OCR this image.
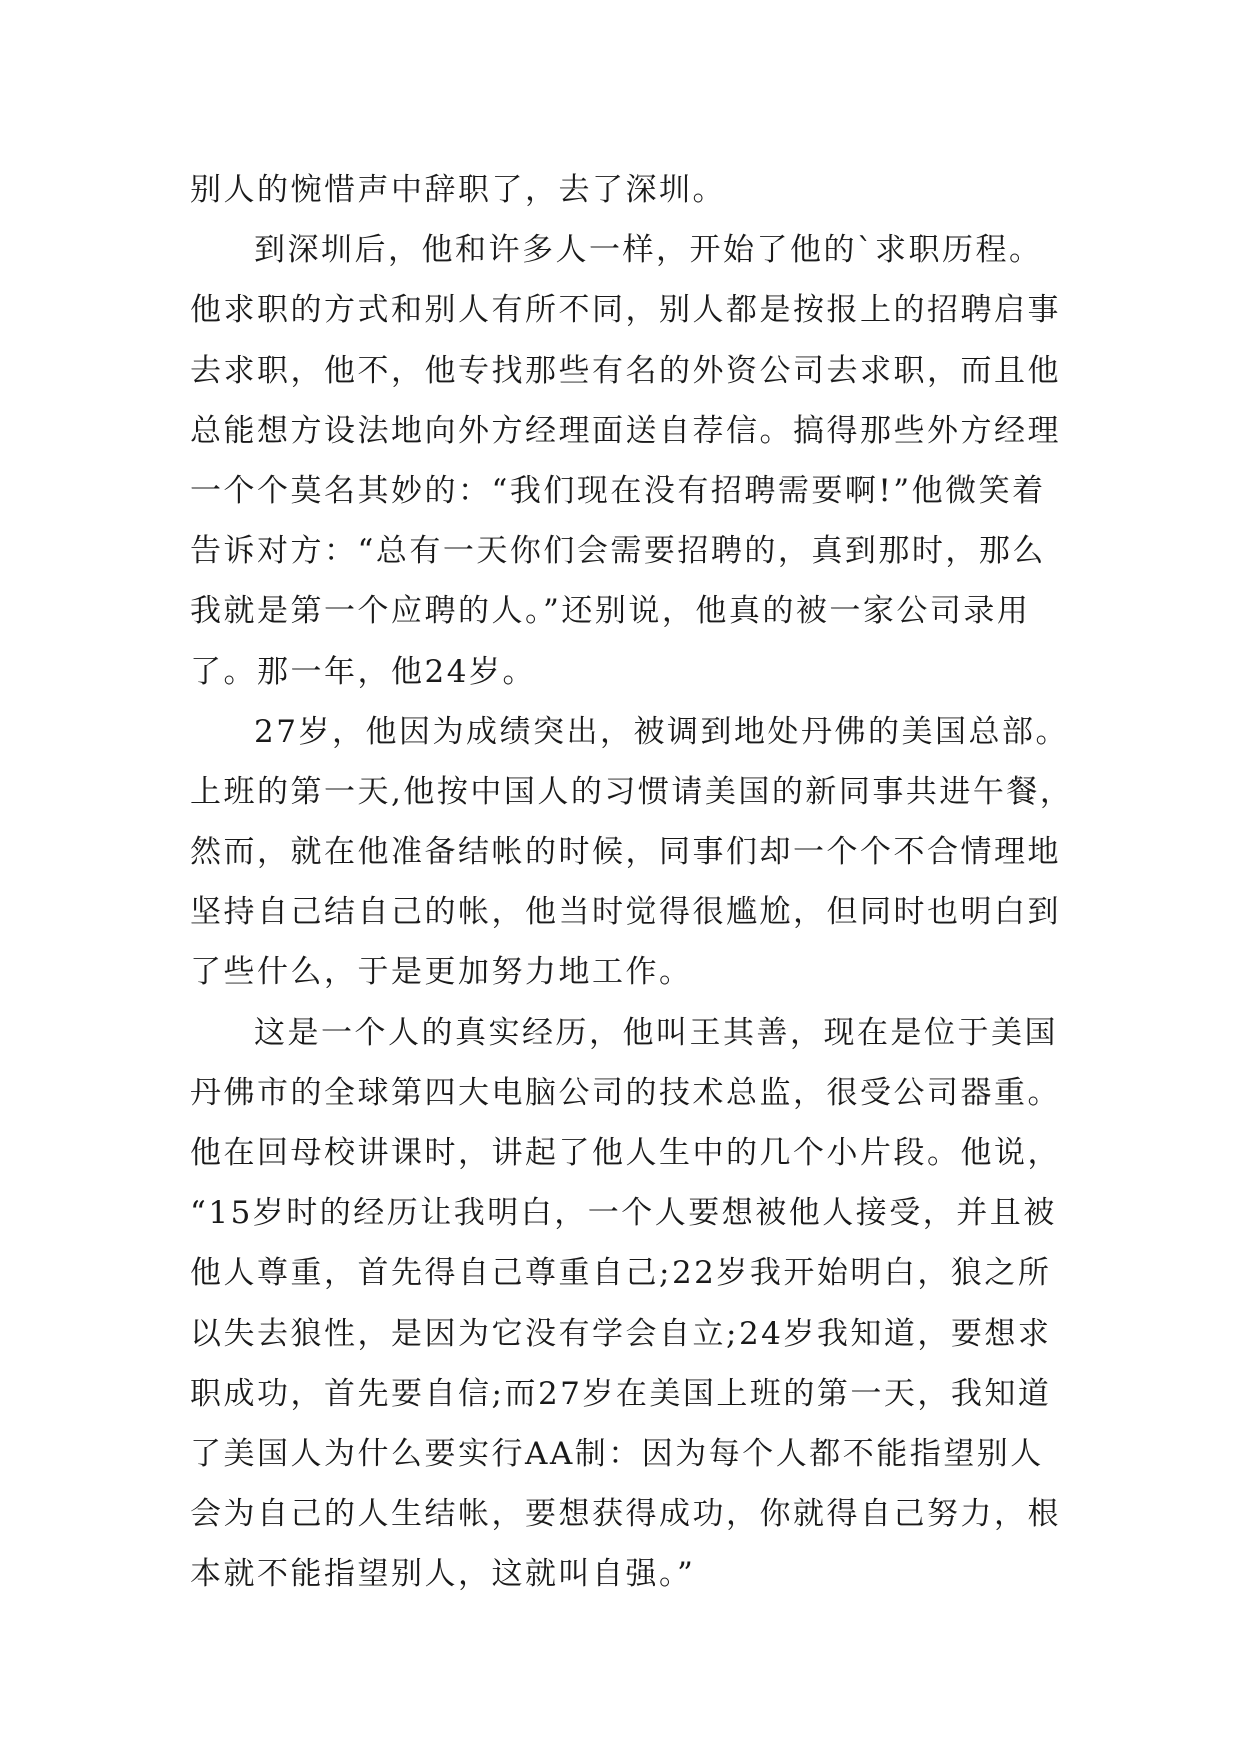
别人的惋惜声中辞职了，去了深圳。
到深圳后，他和许多人一样，开始了他的`求职历程。
他求职的方式和别人有所不同，别人都是按报上的招聘启事
去求职，他不，他专找那些有名的外资公司去求职，而且他
总能想方设法地向外方经理面送自荐信。搞得那些外方经理
一个个莫名其妙的：“我们现在没有招聘需要啊!”他微笑着
告诉对方：“总有一天你们会需要招聘的，真到那时，那么
我就是第一个应聘的人。”还别说，他真的被一家公司录用
了。那一年，他24岁。
27岁，他因为成绩突出，被调到地处丹佛的美国总部。
上班的第一天,他按中国人的习惯请美国的新同事共进午餐，
然而，就在他准备结帐的时候，同事们却一个个不合情理地
坚持自己结自己的帐，他当时觉得很尴尬，但同时也明白到
了些什么，于是更加努力地工作。
这是一个人的真实经历，他叫王其善，现在是位于美国
丹佛市的全球第四大电脑公司的技术总监，很受公司器重。
他在回母校讲课时，讲起了他人生中的几个小片段。他说，
“15岁时的经历让我明白，一个人要想被他人接受，并且被
他人尊重，首先得自己尊重自己;22岁我开始明白，狼之所
以失去狼性，是因为它没有学会自立;24岁我知道，要想求
职成功，首先要自信;而27岁在美国上班的第一天，我知道
了美国人为什么要实行AA制：因为每个人都不能指望别人
会为自己的人生结帐，要想获得成功，你就得自己努力，根
本就不能指望别人，这就叫自强。”
